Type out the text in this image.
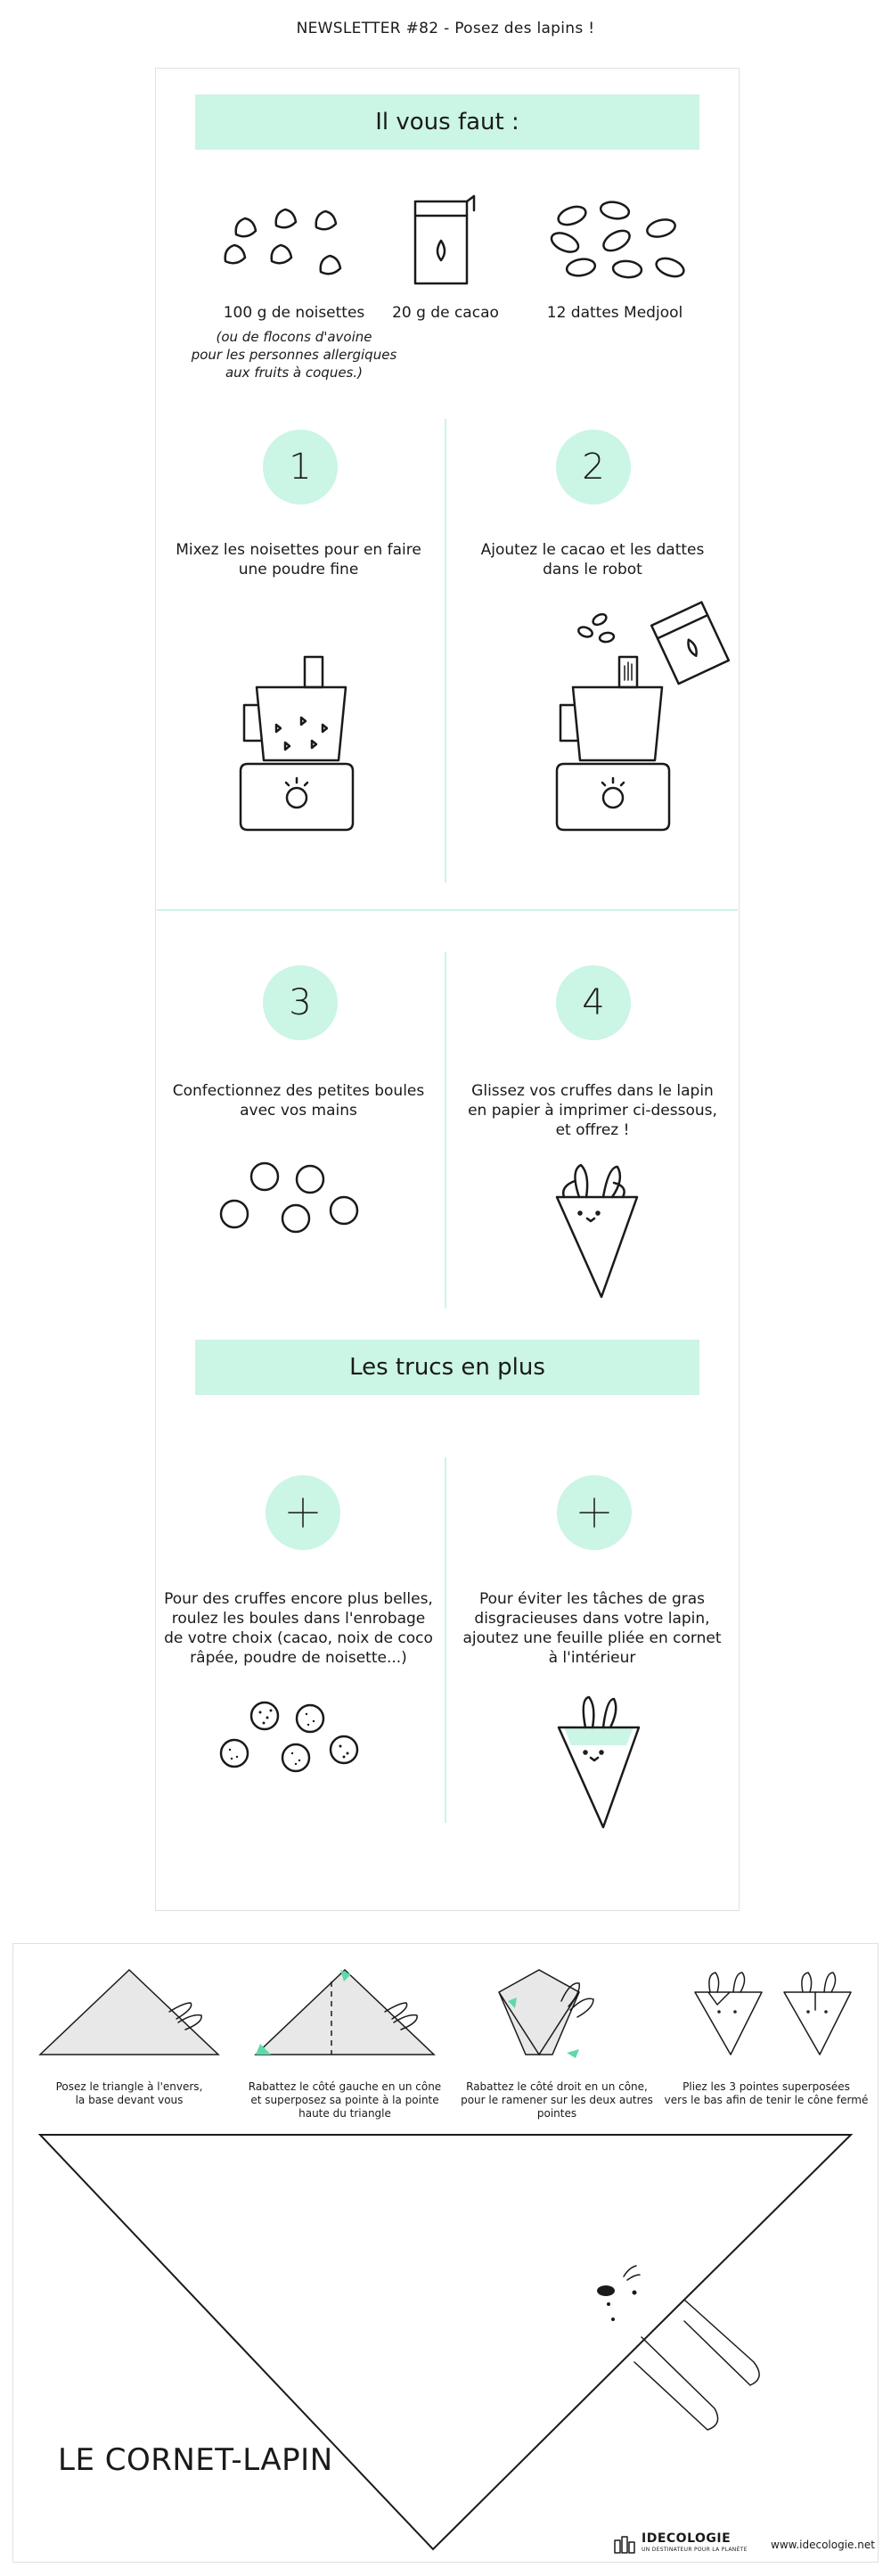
NEWSLETTER #82 - Posez des lapins !
Il vous faut :
100 g de noisettes	20 g de cacao	12 dattes Medjool
(ou de flocons d'avoine
pour les personnes allergiques
aux fruits à coques.)
1	2
Mixez les noisettes pour en faire
une poudre fine
Ajoutez le cacao et les dattes
dans le robot
3	4
Confectionnez des petites boules
avec vos mains
Glissez vos cruffes dans le lapin
en papier à imprimer ci-dessous,
et offrez !
Les trucs en plus
Pour des cruffes encore plus belles,
roulez les boules dans l'enrobage
de votre choix (cacao, noix de coco
râpée, poudre de noisette...)
Pour éviter les tâches de gras
disgracieuses dans votre lapin,
ajoutez une feuille pliée en cornet
à l'intérieur
Posez le triangle à l'envers,
la base devant vous
Rabattez le côté gauche en un cône
et superposez sa pointe à la pointe
haute du triangle
Rabattez le côté droit en un cône,
pour le ramener sur les deux autres
pointes
Pliez les 3 pointes superposées
vers le bas afin de tenir le cône fermé
LE CORNET-LAPIN
IDECOLOGIE
UN DESTINATEUR POUR LA PLANÈTE www.idecologie.net
